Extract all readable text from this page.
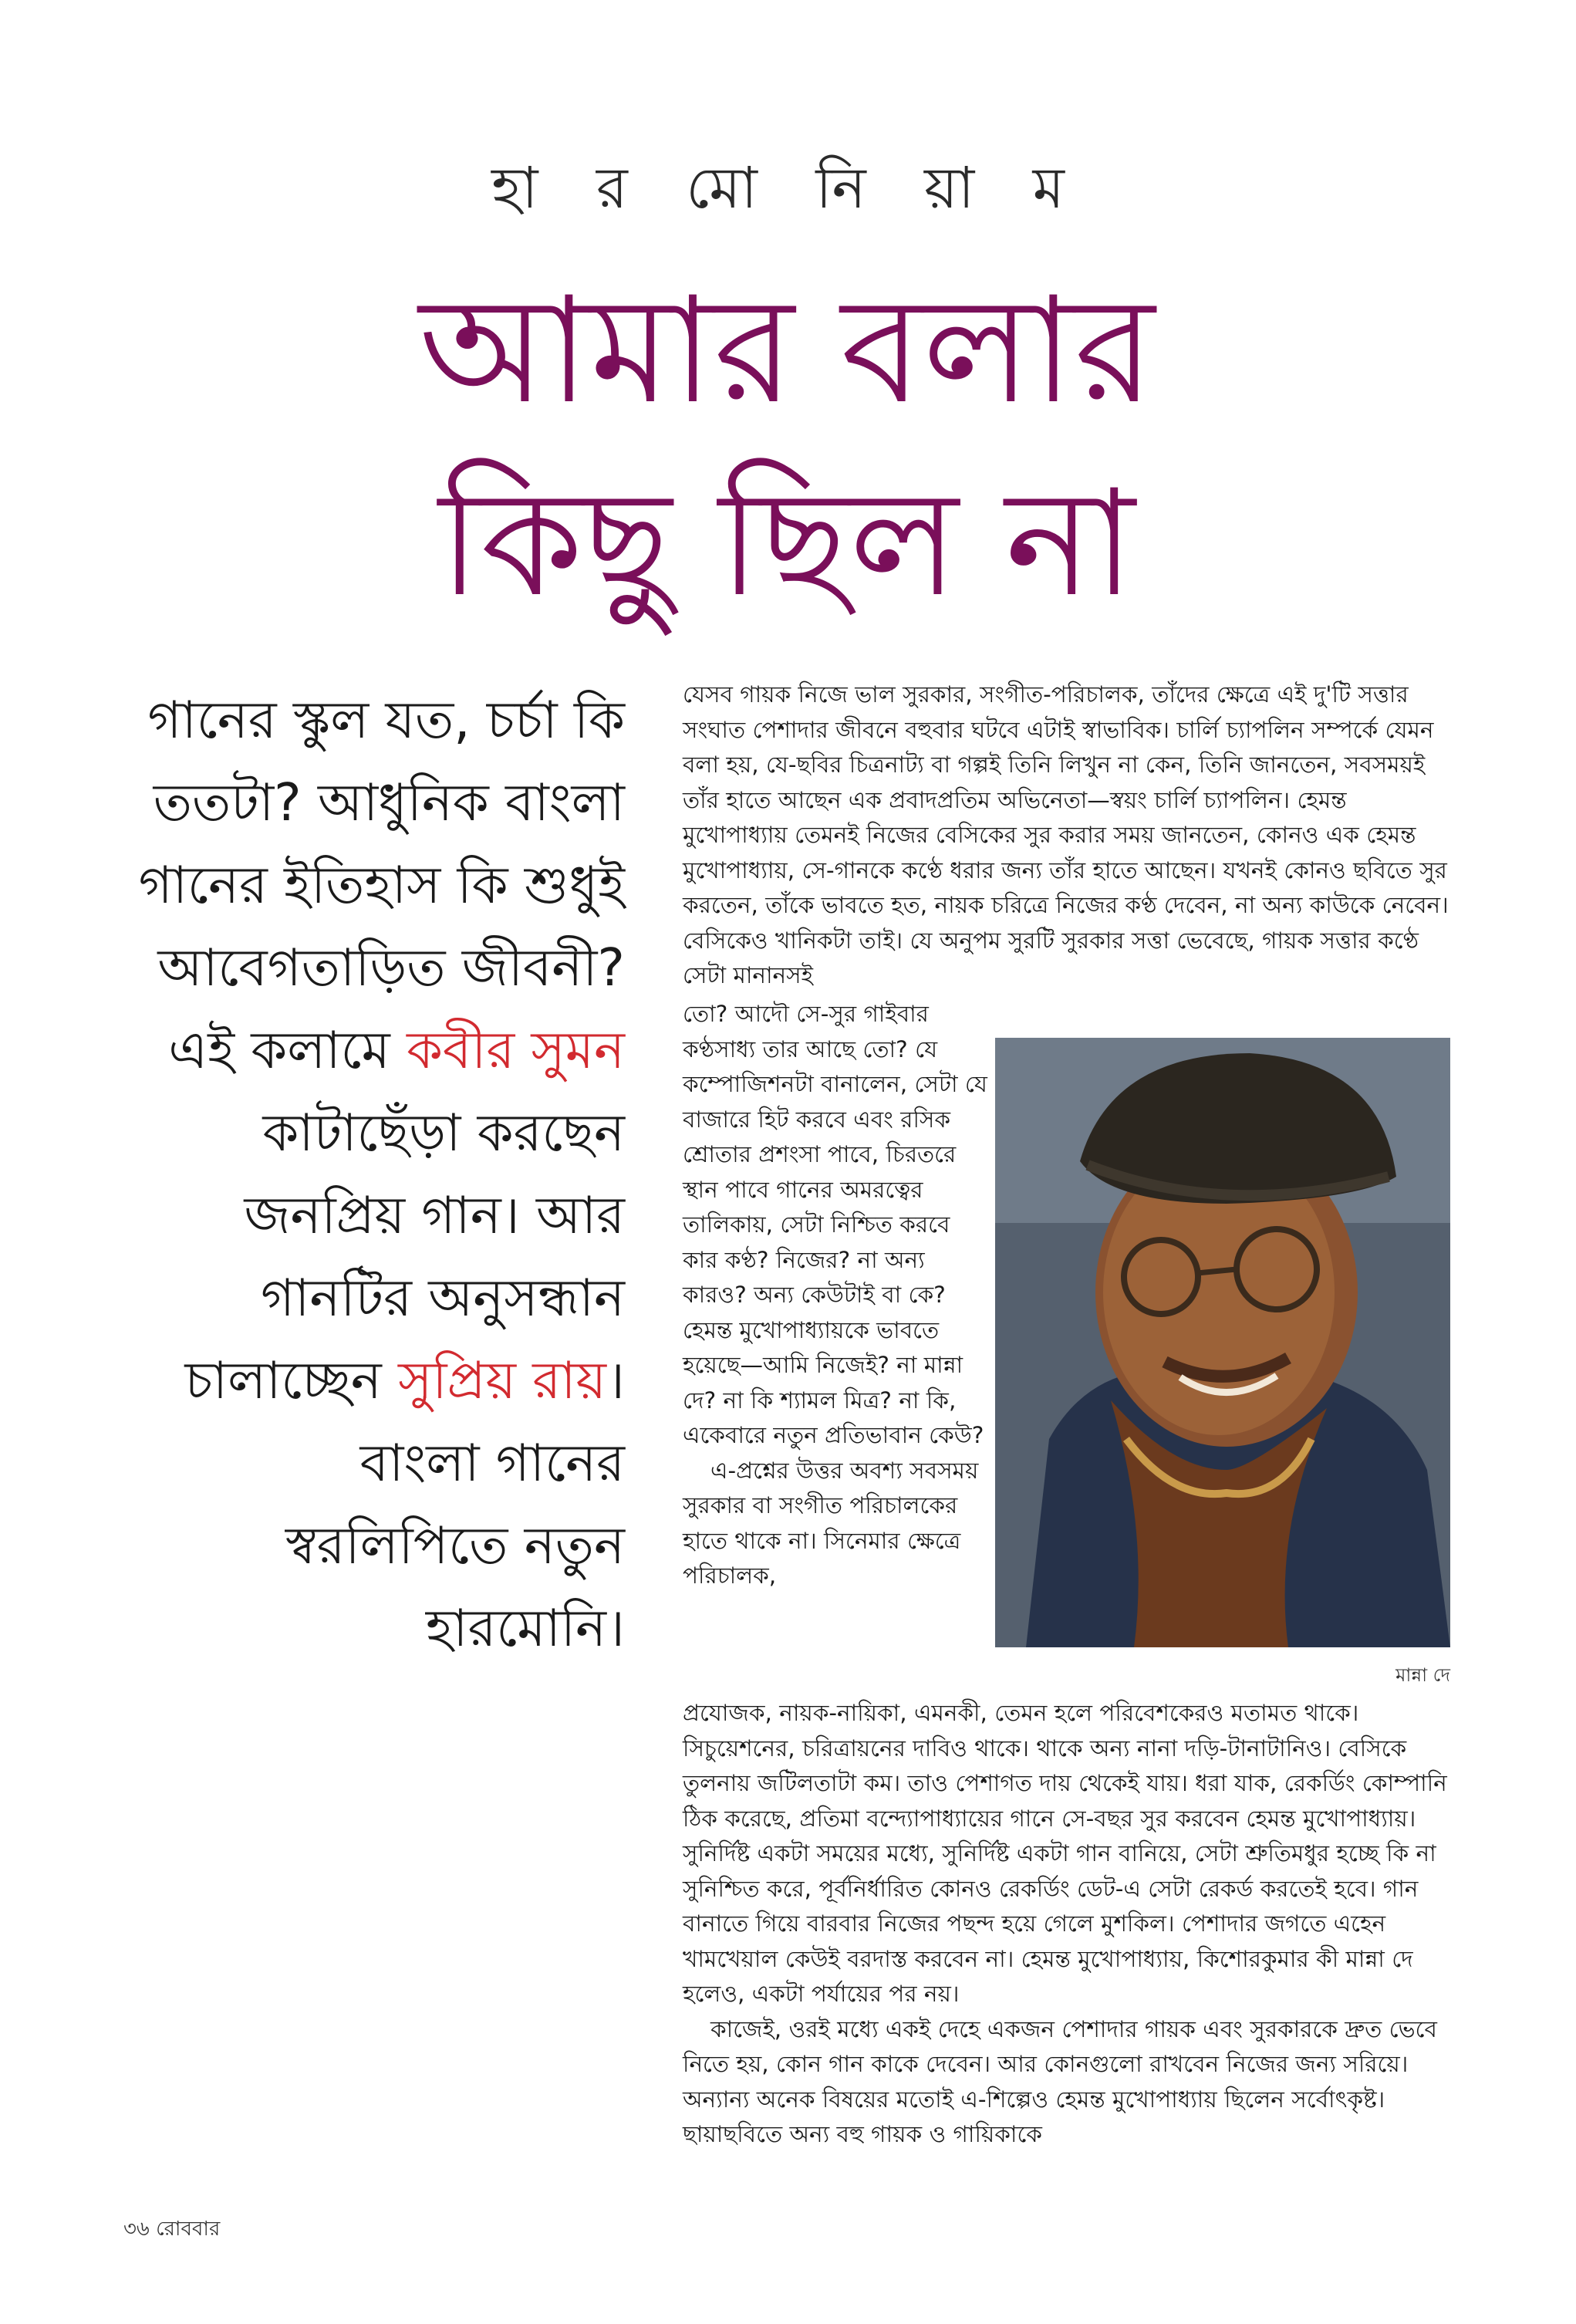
হা র মো নি য়া ম
আমার বলার
কিছু ছিল না
গানের স্কুল যত, চর্চা কি ততটা? আধুনিক বাংলা গানের ইতিহাস কি শুধুই আবেগতাড়িত জীবনী? এই কলামে কবীর সুমন কাটাছেঁড়া করছেন জনপ্রিয় গান। আর গানটির অনুসন্ধান চালাচ্ছেন সুপ্রিয় রায়। বাংলা গানের স্বরলিপিতে নতুন হারমোনি।

যেসব গায়ক নিজে ভাল সুরকার, সংগীত-পরিচালক, তাঁদের ক্ষেত্রে এই দু'টি সত্তার সংঘাত পেশাদার জীবনে বহুবার ঘটবে এটাই স্বাভাবিক। চার্লি চ্যাপলিন সম্পর্কে যেমন বলা হয়, যে-ছবির চিত্রনাট্য বা গল্পই তিনি লিখুন না কেন, তিনি জানতেন, সবসময়ই তাঁর হাতে আছেন এক প্রবাদপ্রতিম অভিনেতা—স্বয়ং চার্লি চ্যাপলিন। হেমন্ত মুখোপাধ্যায় তেমনই নিজের বেসিকের সুর করার সময় জানতেন, কোনও এক হেমন্ত মুখোপাধ্যায়, সে-গানকে কণ্ঠে ধরার জন্য তাঁর হাতে আছেন। যখনই কোনও ছবিতে সুর করতেন, তাঁকে ভাবতে হত, নায়ক চরিত্রে নিজের কণ্ঠ দেবেন, না অন্য কাউকে নেবেন। বেসিকেও খানিকটা তাই। যে অনুপম সুরটি সুরকার সত্তা ভেবেছে, গায়ক সত্তার কণ্ঠে সেটা মানানসই

তো? আদৌ সে-সুর গাইবার কণ্ঠসাধ্য তার আছে তো? যে কম্পোজিশনটা বানালেন, সেটা যে বাজারে হিট করবে এবং রসিক শ্রোতার প্রশংসা পাবে, চিরতরে স্থান পাবে গানের অমরত্বের তালিকায়, সেটা নিশ্চিত করবে কার কণ্ঠ? নিজের? না অন্য কারও? অন্য কেউটাই বা কে? হেমন্ত মুখোপাধ্যায়কে ভাবতে হয়েছে—আমি নিজেই? না মান্না দে? না কি শ্যামল মিত্র? না কি, একেবারে নতুন প্রতিভাবান কেউ?

এ-প্রশ্নের উত্তর অবশ্য সবসময় সুরকার বা সংগীত পরিচালকের হাতে থাকে না। সিনেমার ক্ষেত্রে পরিচালক,

মান্না দে

প্রযোজক, নায়ক-নায়িকা, এমনকী, তেমন হলে পরিবেশকেরও মতামত থাকে। সিচুয়েশনের, চরিত্রায়নের দাবিও থাকে। থাকে অন্য নানা দড়ি-টানাটানিও। বেসিকে তুলনায় জটিলতাটা কম। তাও পেশাগত দায় থেকেই যায়। ধরা যাক, রেকর্ডিং কোম্পানি ঠিক করেছে, প্রতিমা বন্দ্যোপাধ্যায়ের গানে সে-বছর সুর করবেন হেমন্ত মুখোপাধ্যায়। সুনির্দিষ্ট একটা সময়ের মধ্যে, সুনির্দিষ্ট একটা গান বানিয়ে, সেটা শ্রুতিমধুর হচ্ছে কি না সুনিশ্চিত করে, পূর্বনির্ধারিত কোনও রেকর্ডিং ডেট-এ সেটা রেকর্ড করতেই হবে। গান বানাতে গিয়ে বারবার নিজের পছন্দ হয়ে গেলে মুশকিল। পেশাদার জগতে এহেন খামখেয়াল কেউই বরদাস্ত করবেন না। হেমন্ত মুখোপাধ্যায়, কিশোরকুমার কী মান্না দে হলেও, একটা পর্যায়ের পর নয়।

কাজেই, ওরই মধ্যে একই দেহে একজন পেশাদার গায়ক এবং সুরকারকে দ্রুত ভেবে নিতে হয়, কোন গান কাকে দেবেন। আর কোনগুলো রাখবেন নিজের জন্য সরিয়ে। অন্যান্য অনেক বিষয়ের মতোই এ-শিল্পেও হেমন্ত মুখোপাধ্যায় ছিলেন সর্বোৎকৃষ্ট। ছায়াছবিতে অন্য বহু গায়ক ও গায়িকাকে

৩৬ রোববার
